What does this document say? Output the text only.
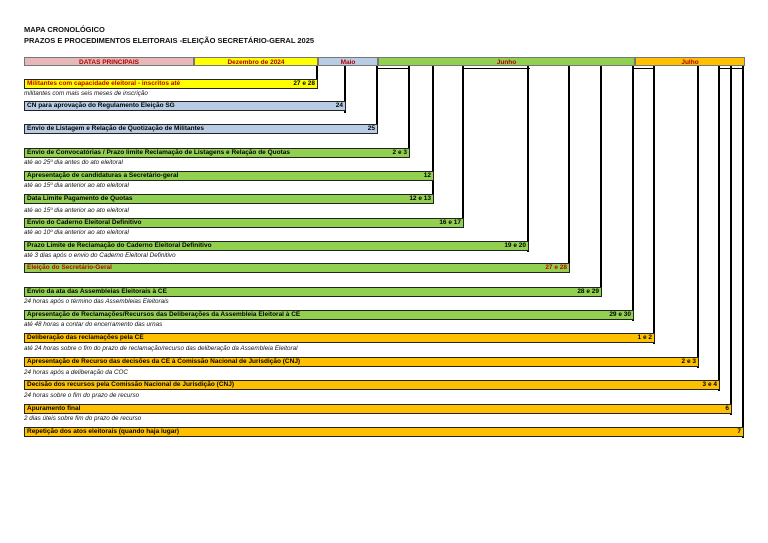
MAPA CRONOLÓGICO
PRAZOS E PROCEDIMENTOS ELEITORAIS -ELEIÇÃO SECRETÁRIO-GERAL 2025
DATAS PRINCIPAIS	Dezembro de 2024	Maio	Junho	Julho
Militantes com capacidade eleitoral - inscritos até	27 e 28
militantes com mais seis meses de inscrição
CN para aprovação do Regulamento Eleição SG	24
Envio de Listagem e Relação de Quotização de Militantes	25
Envio de Convocatórias / Prazo limite Reclamação de Listagens e Relação de Quotas	2 e 3
até ao 25º dia antes do ato eleitoral
Apresentação de candidaturas a Secretário-geral	12
até ao 15º dia anterior ao ato eleitoral
Data Limite Pagamento de Quotas	12 e 13
até ao 15º dia anterior ao ato eleitoral
Envio do Caderno Eleitoral Definitivo	16 e 17
até ao 10º dia anterior ao ato eleitoral
Prazo Limite de Reclamação do Caderno Eleitoral Definitivo	19 e 20
até 3 dias após o envio do Caderno Eleitoral Definitivo
Eleição do Secretário-Geral	27 e 28
Envio da ata das Assembleias Eleitorais à CE	28 e 29
24 horas após o término das Assembleias Eleitorais
Apresentação de Reclamações/Recursos das Deliberações da Assembleia Eleitoral à CE	29 e 30
até 48 horas a contar do encerramento das urnas
Deliberação das reclamações pela CE	1 e 2
até 24 horas sobre o fim do prazo de reclamação/recurso das deliberação da Assembleia Eleitoral
Apresentação de Recurso das decisões da CE à Comissão Nacional de Jurisdição (CNJ)	2 e 3
24 horas após a deliberação da COC
Decisão dos recursos pela Comissão Nacional de Jurisdição (CNJ)	3 e 4
24 horas sobre o fim do prazo de recurso
Apuramento final	6
2 dias úteis sobre fim do prazo de recurso
Repetição dos atos eleitorais (quando haja lugar)	7
